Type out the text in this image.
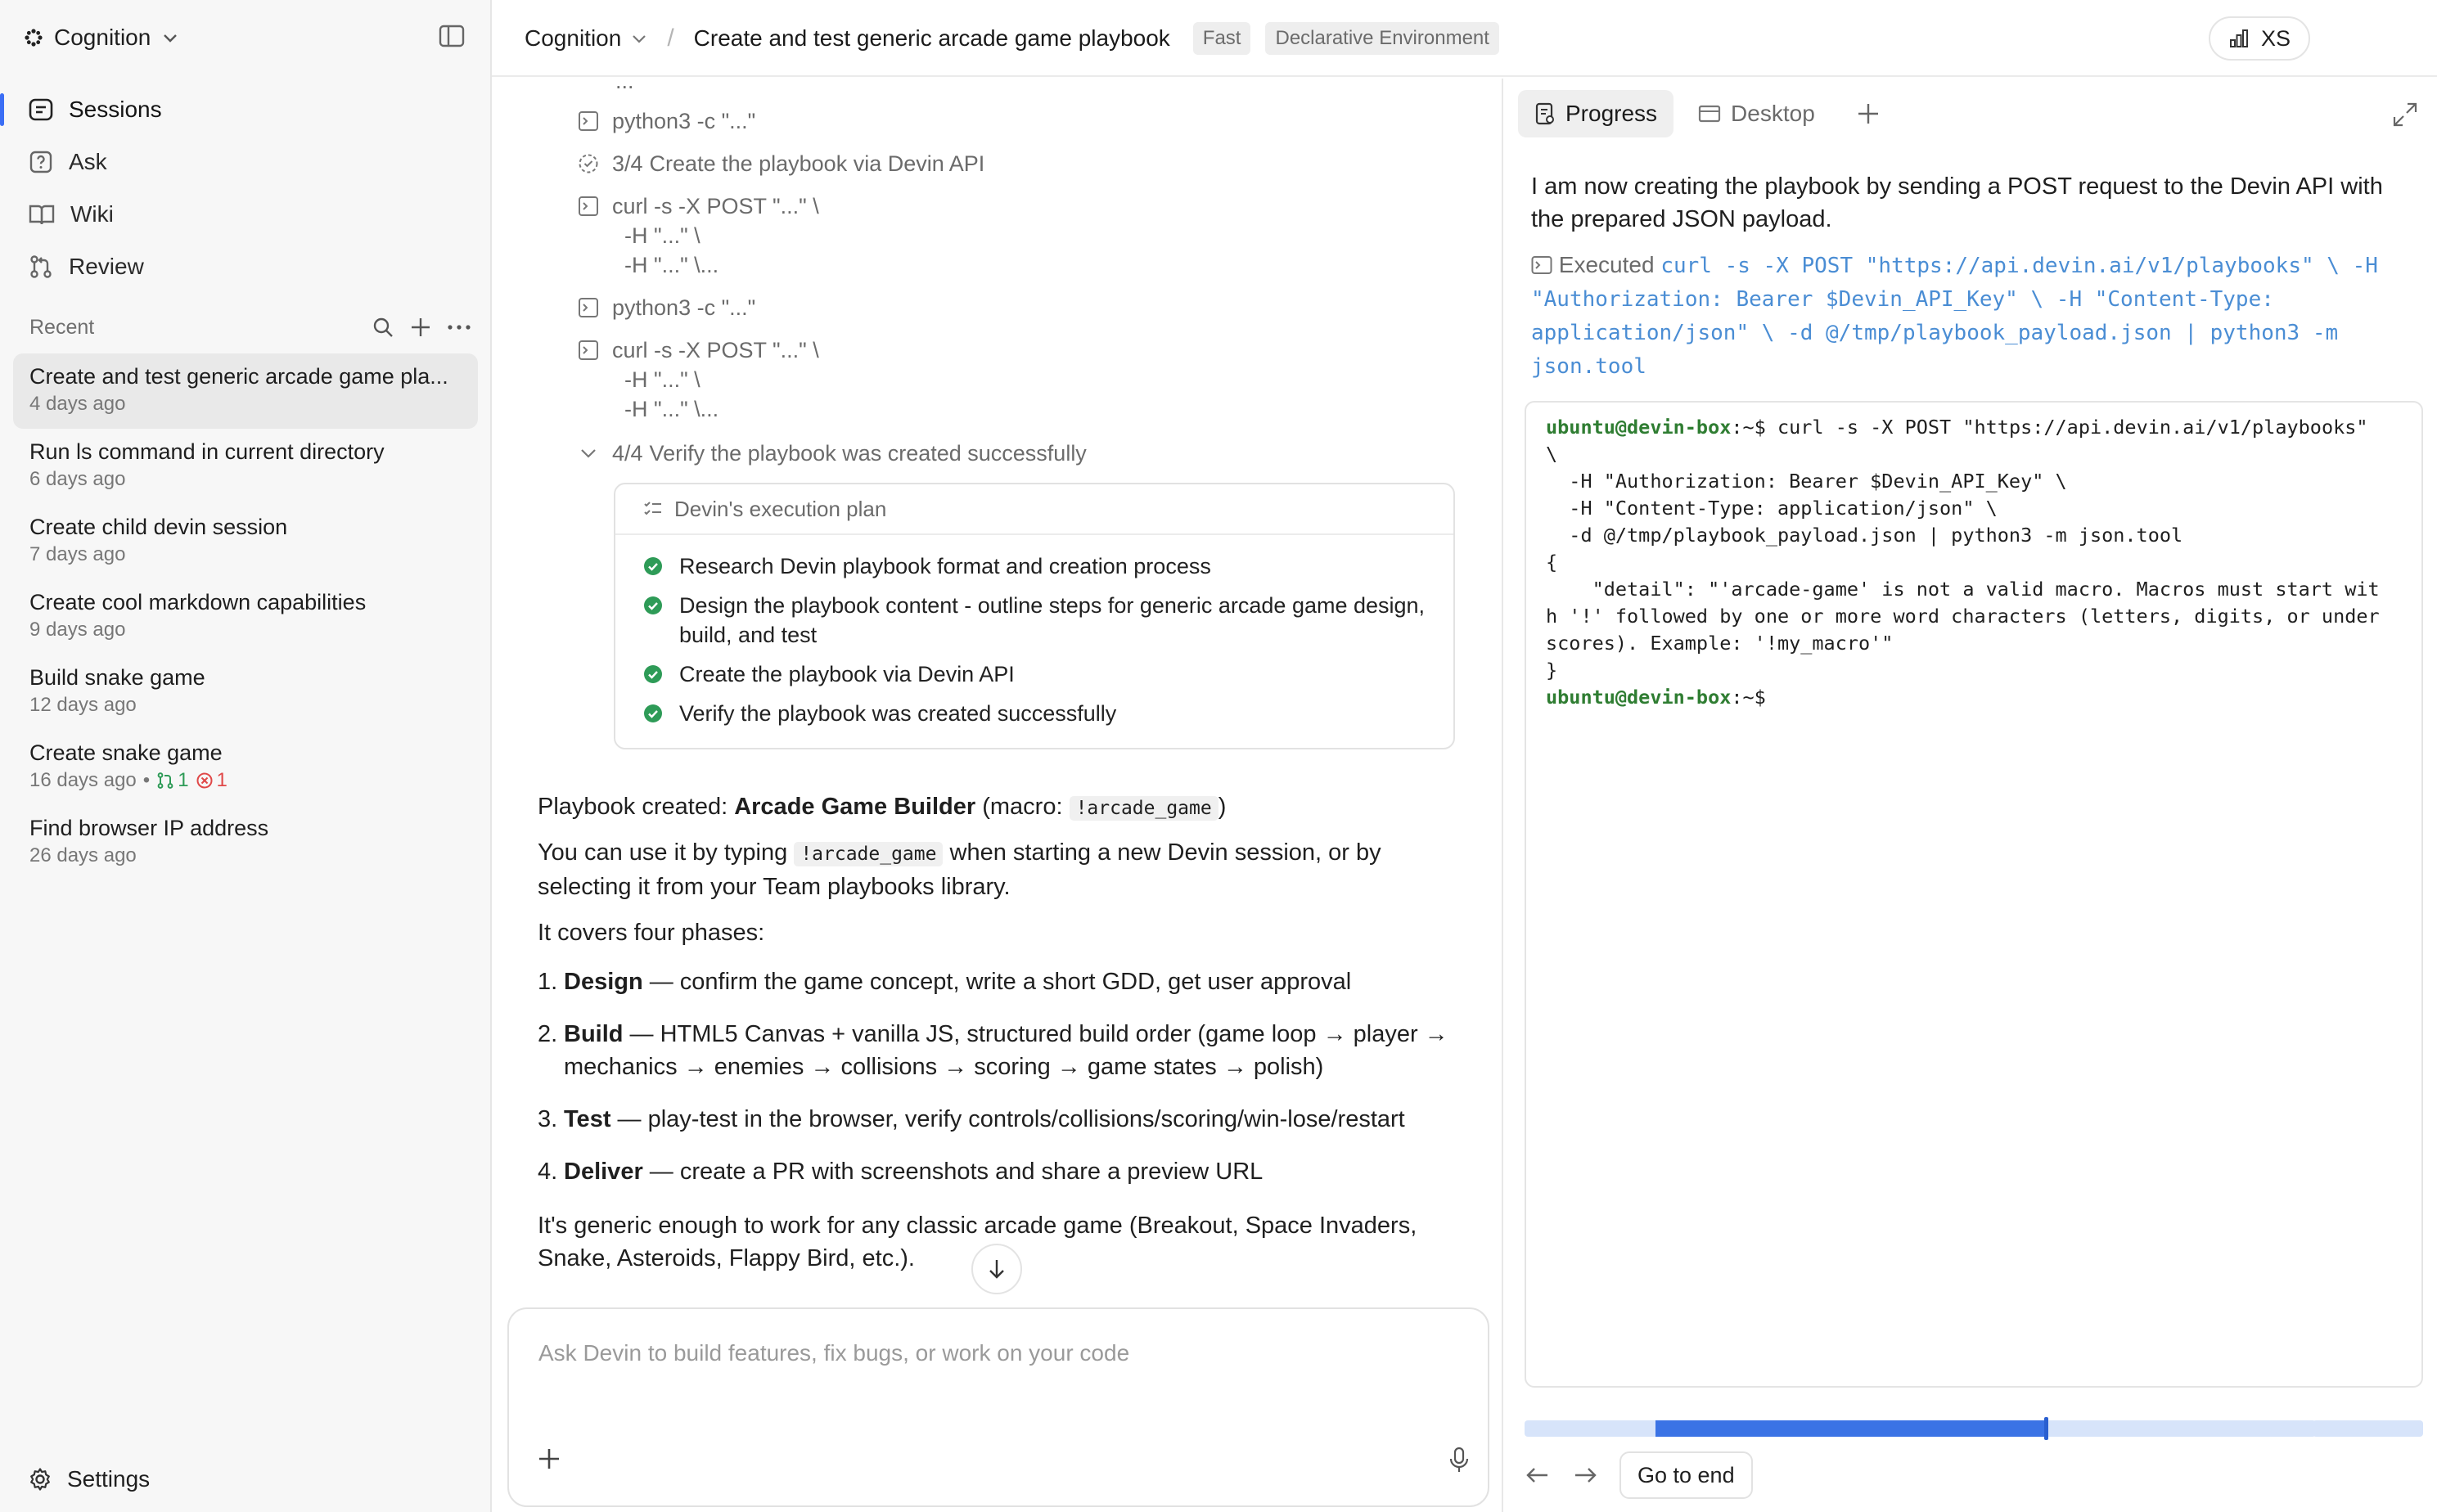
Cognition
Sessions
Ask
Wiki
Review
Recent
Create and test generic arcade game pla...
4 days ago
Run ls command in current directory
6 days ago
Create child devin session
7 days ago
Create cool markdown capabilities
9 days ago
Build snake game
12 days ago
Create snake game
16 days ago • 1 1
Find browser IP address
26 days ago
Settings
Cognition / Create and test generic arcade game playbook	Fast	Declarative Environment	XS
...
python3 -c "..."
3/4 Create the playbook via Devin API
curl -s -X POST "..." \
-H "..." \
-H "..." \...
python3 -c "..."
curl -s -X POST "..." \
-H "..." \
-H "..." \...
4/4 Verify the playbook was created successfully
Devin's execution plan
Research Devin playbook format and creation process
Design the playbook content - outline steps for generic arcade game design, build, and test
Create the playbook via Devin API
Verify the playbook was created successfully
Playbook created: Arcade Game Builder (macro: !arcade_game )
You can use it by typing !arcade_game when starting a new Devin session, or by selecting it from your Team playbooks library.
It covers four phases:
1. Design — confirm the game concept, write a short GDD, get user approval
2. Build — HTML5 Canvas + vanilla JS, structured build order (game loop → player → mechanics → enemies → collisions → scoring → game states → polish)
3. Test — play-test in the browser, verify controls/collisions/scoring/win-lose/restart
4. Deliver — create a PR with screenshots and share a preview URL
It's generic enough to work for any classic arcade game (Breakout, Space Invaders, Snake, Asteroids, Flappy Bird, etc.).
Ask Devin to build features, fix bugs, or work on your code
Progress	Desktop
I am now creating the playbook by sending a POST request to the Devin API with the prepared JSON payload.
Executed curl -s -X POST "https://api.devin.ai/v1/playbooks" \ -H "Authorization: Bearer $Devin_API_Key" \ -H "Content-Type: application/json" \ -d @/tmp/playbook_payload.json | python3 -m json.tool
ubuntu@devin-box:~$ curl -s -X POST "https://api.devin.ai/v1/playbooks"
\
-H "Authorization: Bearer $Devin_API_Key" \
-H "Content-Type: application/json" \
-d @/tmp/playbook_payload.json | python3 -m json.tool
{
"detail": "'arcade-game' is not a valid macro. Macros must start wit
h '!' followed by one or more word characters (letters, digits, or under
scores). Example: '!my_macro'"
}
ubuntu@devin-box:~$
Go to end
